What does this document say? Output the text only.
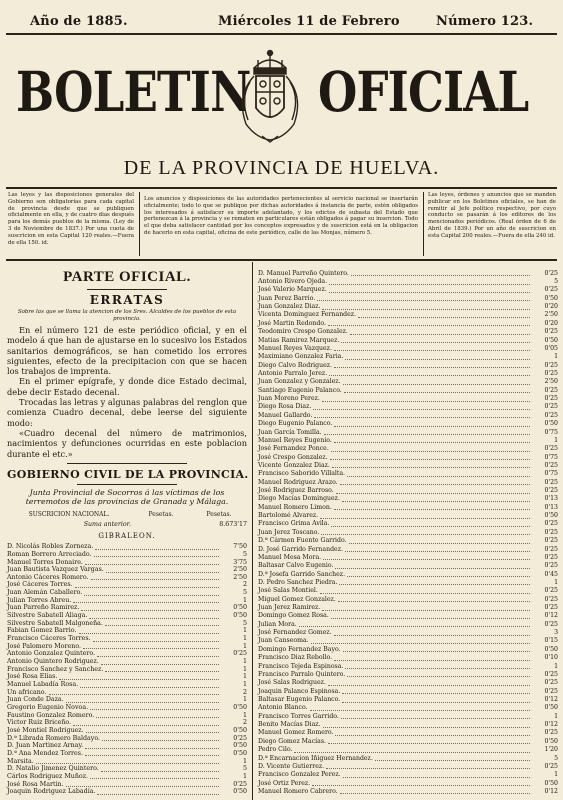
Año de 1885.	Miércoles 11 de Febrero	Número 123.
BOLETIN OFICIAL
DE LA PROVINCIA DE HUELVA.
Las leyes y las disposiciones generales del Gobierno son obligatorias para cada capital de provincia desde que se publiquen oficialmente en ella, y de cuatro dias después para los demás pueblos de la misma. (Ley de 3 de Noviembre de 1837.) Por una cuota de suscricion en esta Capital 120 reales.—Fuera de ella 150. id.
Los anuncios y disposiciones de las autoridades pertenecientes al servicio nacional se insertarán oficialmente; todo lo que se publique por dichas autoridades á instancia de parte, estén obligados los interesados á satisfacer su importe adelantado, y los edictos de subasta del Estado que pertenezcan á la provincia y se rematen en particulares están obligados á pagar su insercion. Todo el que deba satisfacer cantidad por los conceptos expresados y de suscricion está en la obligacion de hacerlo en esta capital, oficina de este periódico, calle de las Monjas, número 5.
Las leyes, órdenes y anuncios que se manden publicar en los Boletines oficiales, se han de remitir al Jefe político respectivo, por cuyo conducto se pasarán á los editores de los mencionados periódicos. (Real órden de 6 de Abril de 1839.) Por un año de suscricion en esta Capital 200 reales.—Fuera de ella 240 id.
PARTE OFICIAL.
ERRATAS
Sobre las que se llama la atencion de los Sres. Alcaldes de los pueblos de esta provincia.

En el número 121 de este periódico oficial, y en el modelo á que han de ajustarse en lo sucesivo los Estados sanitarios demográficos, se han cometido los errores siguientes, efecto de la precipitacion con que se hacen los trabajos de imprenta.

En el primer epígrafe, y donde dice Estado decimal, debe decir Estado decenal.

Trocadas las letras y algunas palabras del renglon que comienza Cuadro decenal, debe leerse del siguiente modo:

«Cuadro decenal del número de matrimonios, nacimientos y defunciones ocurridas en este poblacion durante el etc.»

GOBIERNO CIVIL DE LA PROVINCIA.
Junta Provincial de Socorros á las víctimas de los terremotos de las provincias de Granada y Málaga.
SUSCRICION NACIONAL.	Pesetas.	Pesetas.
Suma anterior.	8.673'17
GIBRALEON.
D. Nicolás Robles Zorneza.	7'50
Roman Borrero Arreciado.	5
Manuel Torres Donaire.	3'75
Juan Bautista Vazquez Vargas.	2'50
Antonio Cáceres Romero.	2'50
José Cáceres Torres.	2
Juan Alemán Caballero.	5
Julian Torres Abreu.	1
Juan Parreño Ramirez.	0'50
Silvestre Sabatell Aliaga.	0'50
Silvestre Sabatell Malgoneña.	5
Fabian Gomez Barrio.	1
Francisco Cáceres Torres.	1
José Palomero Moreno.	1
Antonio Gonzalez Quintero.	0'25
Antonio Quintero Rodriguez.	1
Francisco Sanchez y Sanchez.	1
José Rosa Elías.	1
Manuel Labadía Rosa.	1
Un africano.	2
Juan Conde Daza.	1
Gregorio Eugenio Novoa.	0'50
Faustino Gonzalez Romero.	1
Victor Ruiz Briceño.	2
José Montiel Rodriguez.	0'50
D.ª Librada Romero Baldayo.	0'25
D. Juan Martinez Arnay.	0'50
D.ª Ana Mendez Torres.	0'50
Marsita.	1
D. Natalio Jimenez Quintero.	5
Cárlos Rodriguez Muñoz.	1
José Rosa Martin.	0'25
Joaquin Rodriguez Labadía.	0'50
D. Manuel Parreño Quintero.	0'25
Antonio Rivero Ojeda.	5
José Valerio Marquez.	0'25
Juan Perez Barrio.	0'50
Juan Gonzalez Diaz.	0'20
Vicenta Dominguez Fernandez.	2'50
José Martin Redondo.	0'20
Teodomiro Crespo Gonzalez.	0'25
Matias Ramirez Marquez.	0'50
Manuel Reyes Vazquez.	0'05
Maximiano Gonzalez Faria.	1
Diego Calvo Rodriguez.	0'25
Antonio Parralo Jerez.	0'25
Juan Gonzalez y Gonzalez.	2'50
Santiago Eugenio Palanco.	0'25
Juan Moreno Perez.	0'25
Diego Rosa Diaz.	0'25
Manuel Gallardo.	0'25
Diego Eugenio Palanco.	0'50
Juan García Tomilla.	0'75
Manuel Reyes Eugenio.	1
José Fernandez Ponce.	0'25
José Crespo Gonzalez.	0'75
Vicente Gonzalez Diaz.	0'25
Francisco Saborido Villalta.	0'75
Manuel Rodriguez Arazo.	0'25
José Rodriguez Barroso.	0'25
Diego Macías Dominguez.	0'13
Manuel Romero Limon.	0'13
Bartolomé Alvarez.	0'50
Francisco Grima Avila.	0'25
Juan Jerez Toscano.	0'25
D.ª Cármen Fuente Garrido.	0'25
D. José Garrido Fernandez.	0'25
Manuel Mesa Mora.	0'25
Baltasar Calvo Eugenio.	0'25
D.ª Josefa Garrido Sanchez.	0'45
D. Pedro Sanchez Piedra.	1
José Salas Montiel.	0'25
Miguel Gomez Gonzalez.	0'25
Juan Jerez Ramirez.	0'25
Domingo Gomez Rosa.	0'12
Julian Mora.	0'25
José Fernandez Gomez.	3
Juan Canseoma.	0'15
Domingo Fernandez Bayo.	0'50
Francisco Diaz Rebollo.	0'10
Francisco Tejeda Espinosa.	1
Francisco Parralo Quintero.	0'25
José Salas Rodriguez.	0'25
Joaquin Palanco Espinosa.	0'25
Baltasar Eugenio Palanco.	0'12
Antonio Blanco.	0'50
Francisco Torres Garrido.	1
Benito Macías Diaz.	0'12
Manuel Gomez Romero.	0'25
Diego Gomez Macías.	0'50
Pedro Cilo.	1'20
D.ª Encarnacion Iñiguez Hernandez.	5
D. Vicente Gutierrez.	0'25
Francisco Gonzalez Perez.	1
José Ortiz Perez.	0'50
Manuel Romero Cabrero.	0'12
